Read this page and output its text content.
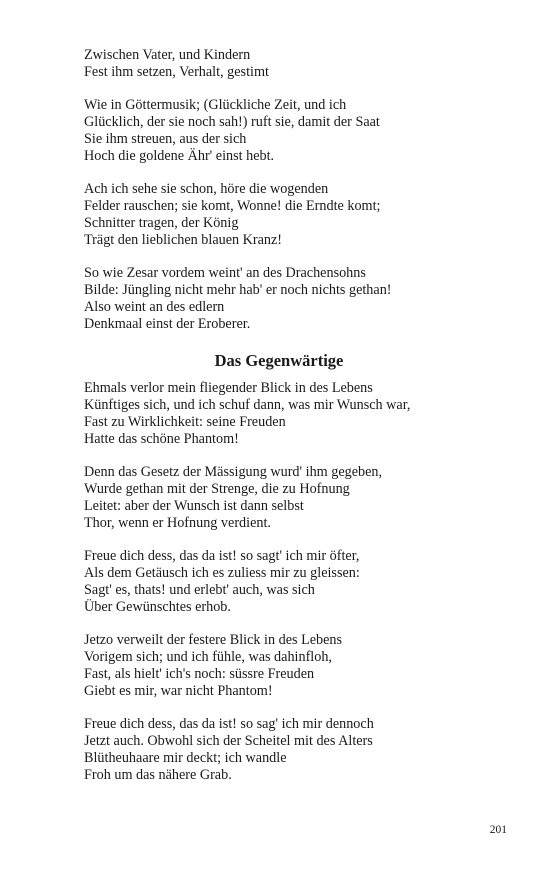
Zwischen Vater, und Kindern
Fest ihm setzen, Verhalt, gestimt
Wie in Göttermusik; (Glückliche Zeit, und ich
Glücklich, der sie noch sah!) ruft sie, damit der Saat
Sie ihm streuen, aus der sich
Hoch die goldene Ähr' einst hebt.
Ach ich sehe sie schon, höre die wogenden
Felder rauschen; sie komt, Wonne! die Erndte komt;
Schnitter tragen, der König
Trägt den lieblichen blauen Kranz!
So wie Zesar vordem weint' an des Drachensohns
Bilde: Jüngling nicht mehr hab' er noch nichts gethan!
Also weint an des edlern
Denkmaal einst der Eroberer.
Das Gegenwärtige
Ehmals verlor mein fliegender Blick in des Lebens
Künftiges sich, und ich schuf dann, was mir Wunsch war,
Fast zu Wirklichkeit: seine Freuden
Hatte das schöne Phantom!
Denn das Gesetz der Mässigung wurd' ihm gegeben,
Wurde gethan mit der Strenge, die zu Hofnung
Leitet: aber der Wunsch ist dann selbst
Thor, wenn er Hofnung verdient.
Freue dich dess, das da ist! so sagt' ich mir öfter,
Als dem Getäusch ich es zuliess mir zu gleissen:
Sagt' es, thats! und erlebt' auch, was sich
Über Gewünschtes erhob.
Jetzo verweilt der festere Blick in des Lebens
Vorigem sich; und ich fühle, was dahinfloh,
Fast, als hielt' ich's noch: süssre Freuden
Giebt es mir, war nicht Phantom!
Freue dich dess, das da ist! so sag' ich mir dennoch
Jetzt auch. Obwohl sich der Scheitel mit des Alters
Blütheuhaare mir deckt; ich wandle
Froh um das nähere Grab.
201
